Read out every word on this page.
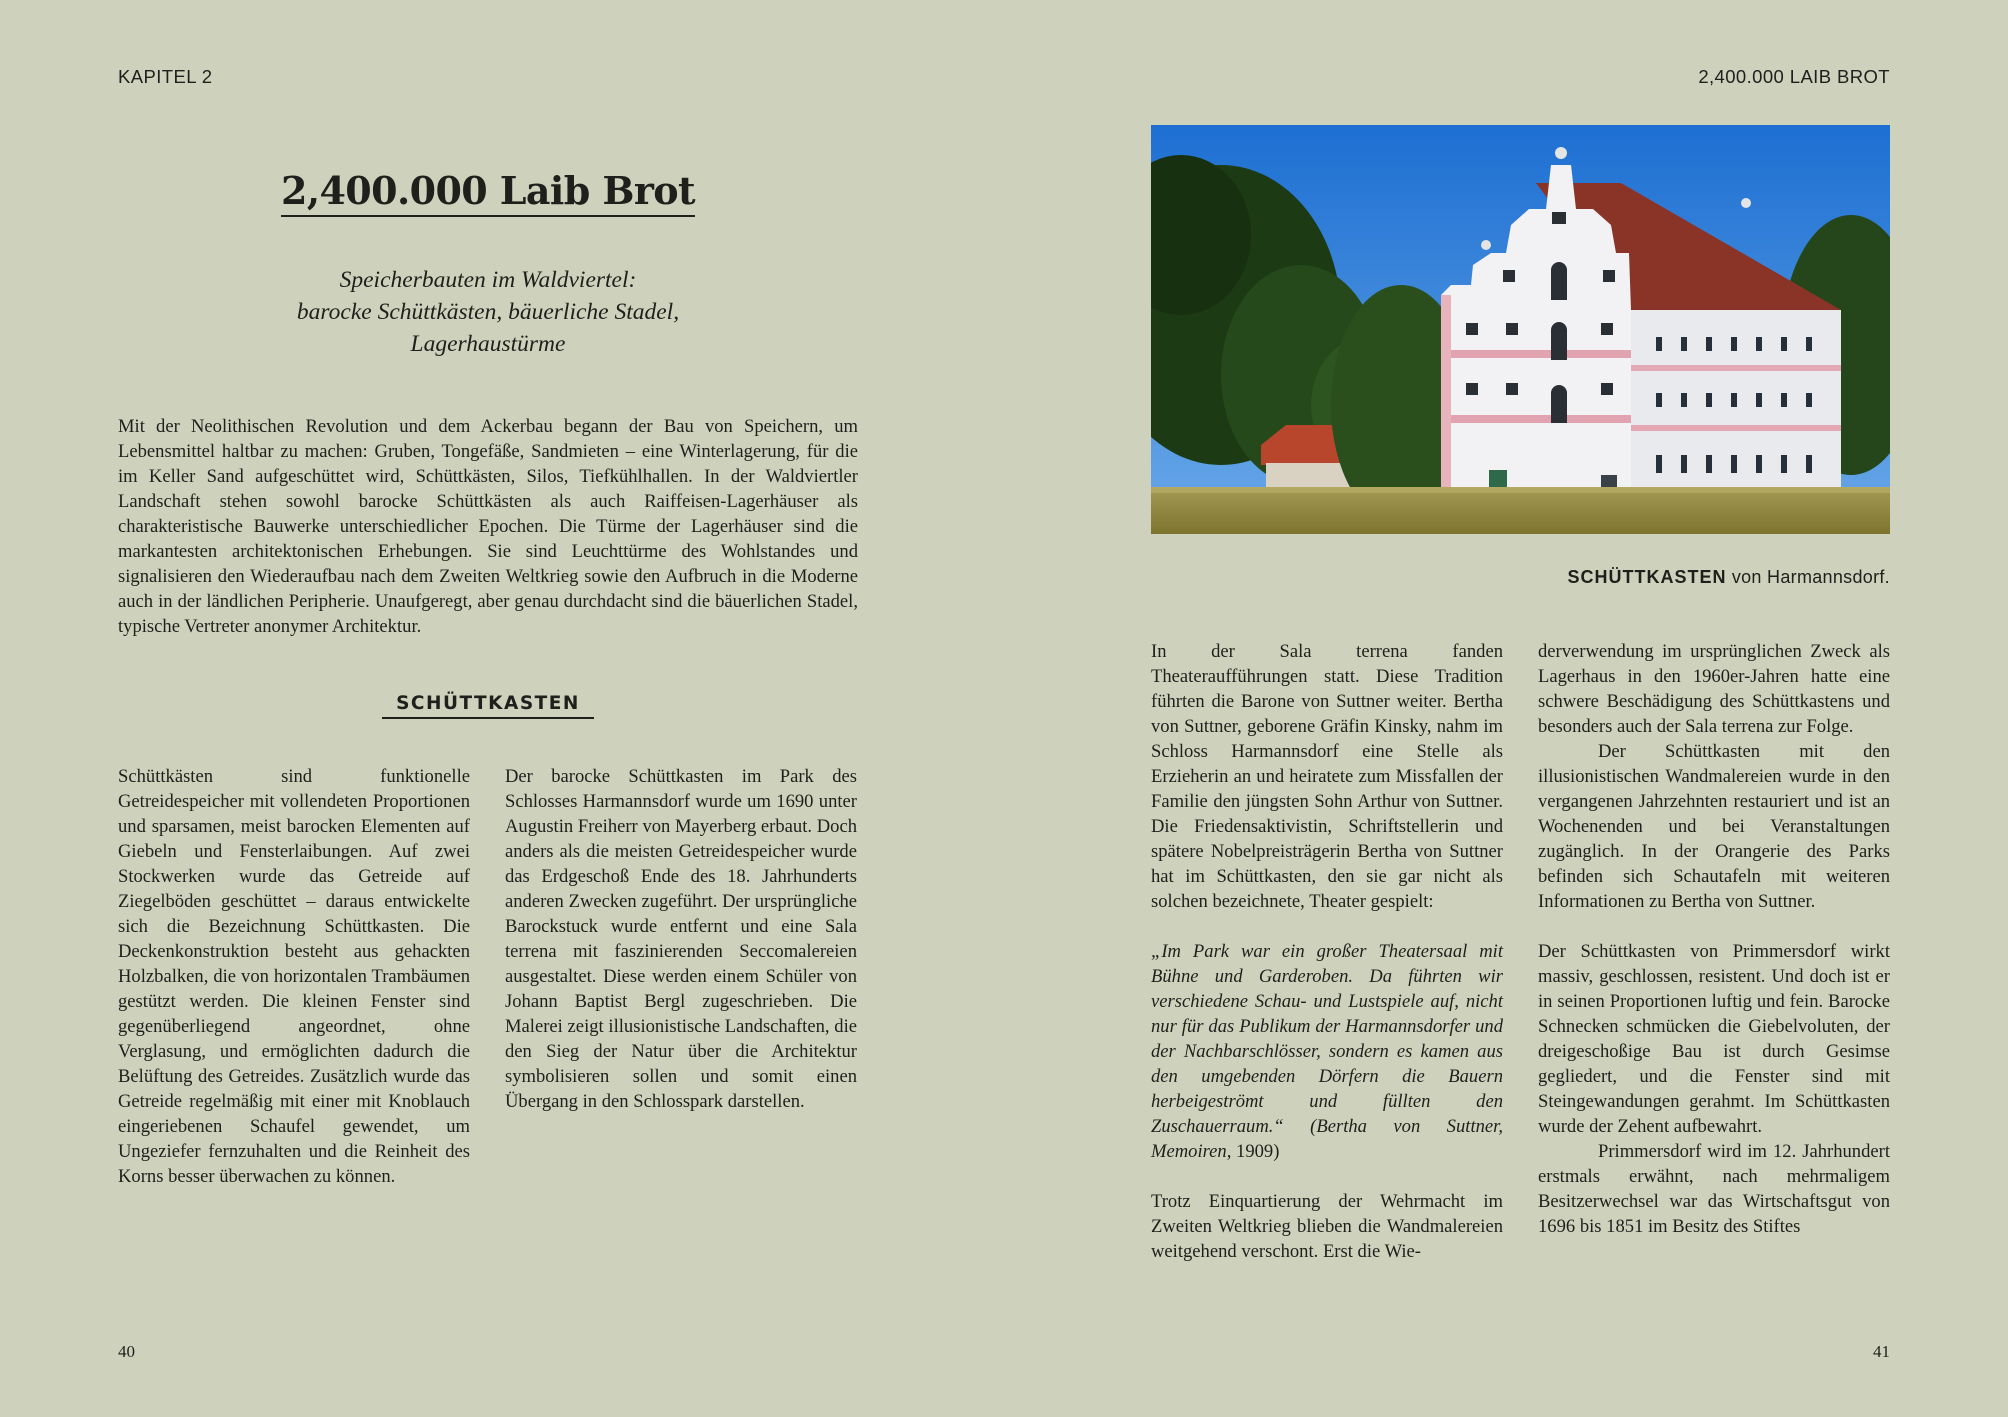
KAPITEL 2	2,400.000 LAIB BROT
2,400.000 Laib Brot
Speicherbauten im Waldviertel:
barocke Schüttkästen, bäuerliche Stadel,
Lagerhaustürme

Mit der Neolithischen Revolution und dem Ackerbau begann der Bau von Speichern, um Lebensmittel haltbar zu machen: Gruben, Tongefäße, Sandmieten – eine Winterlagerung, für die im Keller Sand aufgeschüttet wird, Schüttkästen, Silos, Tiefkühlhallen. In der Waldviertler Landschaft stehen sowohl barocke Schüttkästen als auch Raiffeisen-Lagerhäuser als charakteristische Bauwerke unterschiedlicher Epochen. Die Türme der Lagerhäuser sind die markantesten architektonischen Erhebungen. Sie sind Leuchttürme des Wohlstandes und signalisieren den Wiederaufbau nach dem Zweiten Weltkrieg sowie den Aufbruch in die Moderne auch in der ländlichen Peripherie. Unaufgeregt, aber genau durchdacht sind die bäuerlichen Stadel, typische Vertreter anonymer Architektur.

SCHÜTTKASTEN

Schüttkästen sind funktionelle Getreidespeicher mit vollendeten Proportionen und sparsamen, meist barocken Elementen auf Giebeln und Fensterlaibungen. Auf zwei Stockwerken wurde das Getreide auf Ziegelböden geschüttet – daraus entwickelte sich die Bezeichnung Schüttkasten. Die Deckenkonstruktion besteht aus gehackten Holzbalken, die von horizontalen Trambäumen gestützt werden. Die kleinen Fenster sind gegenüberliegend angeordnet, ohne Verglasung, und ermöglichten dadurch die Belüftung des Getreides. Zusätzlich wurde das Getreide regelmäßig mit einer mit Knoblauch eingeriebenen Schaufel gewendet, um Ungeziefer fernzuhalten und die Reinheit des Korns besser überwachen zu können.

Der barocke Schüttkasten im Park des Schlosses Harmannsdorf wurde um 1690 unter Augustin Freiherr von Mayerberg erbaut. Doch anders als die meisten Getreidespeicher wurde das Erdgeschoß Ende des 18. Jahrhunderts anderen Zwecken zugeführt. Der ursprüngliche Barockstuck wurde entfernt und eine Sala terrena mit faszinierenden Seccomalereien ausgestaltet. Diese werden einem Schüler von Johann Baptist Bergl zugeschrieben. Die Malerei zeigt illusionistische Landschaften, die den Sieg der Natur über die Architektur symbolisieren sollen und somit einen Übergang in den Schlosspark darstellen.

SCHÜTTKASTEN von Harmannsdorf.

In der Sala terrena fanden Theateraufführungen statt. Diese Tradition führten die Barone von Suttner weiter. Bertha von Suttner, geborene Gräfin Kinsky, nahm im Schloss Harmannsdorf eine Stelle als Erzieherin an und heiratete zum Missfallen der Familie den jüngsten Sohn Arthur von Suttner. Die Friedensaktivistin, Schriftstellerin und spätere Nobelpreisträgerin Bertha von Suttner hat im Schüttkasten, den sie gar nicht als solchen bezeichnete, Theater gespielt:

„Im Park war ein großer Theatersaal mit Bühne und Garderoben. Da führten wir verschiedene Schau- und Lustspiele auf, nicht nur für das Publikum der Harmannsdorfer und der Nachbarschlösser, sondern es kamen aus den umgebenden Dörfern die Bauern herbeigeströmt und füllten den Zuschauerraum.“ (Bertha von Suttner, Memoiren, 1909)

Trotz Einquartierung der Wehrmacht im Zweiten Weltkrieg blieben die Wandmalereien weitgehend verschont. Erst die Wie-

derverwendung im ursprünglichen Zweck als Lagerhaus in den 1960er-Jahren hatte eine schwere Beschädigung des Schüttkastens und besonders auch der Sala terrena zur Folge.

Der Schüttkasten mit den illusionistischen Wandmalereien wurde in den vergangenen Jahrzehnten restauriert und ist an Wochenenden und bei Veranstaltungen zugänglich. In der Orangerie des Parks befinden sich Schautafeln mit weiteren Informationen zu Bertha von Suttner.

Der Schüttkasten von Primmersdorf wirkt massiv, geschlossen, resistent. Und doch ist er in seinen Proportionen luftig und fein. Barocke Schnecken schmücken die Giebelvoluten, der dreigeschoßige Bau ist durch Gesimse gegliedert, und die Fenster sind mit Steingewandungen gerahmt. Im Schüttkasten wurde der Zehent aufbewahrt.

Primmersdorf wird im 12. Jahrhundert erstmals erwähnt, nach mehrmaligem Besitzerwechsel war das Wirtschaftsgut von 1696 bis 1851 im Besitz des Stiftes

40	41
